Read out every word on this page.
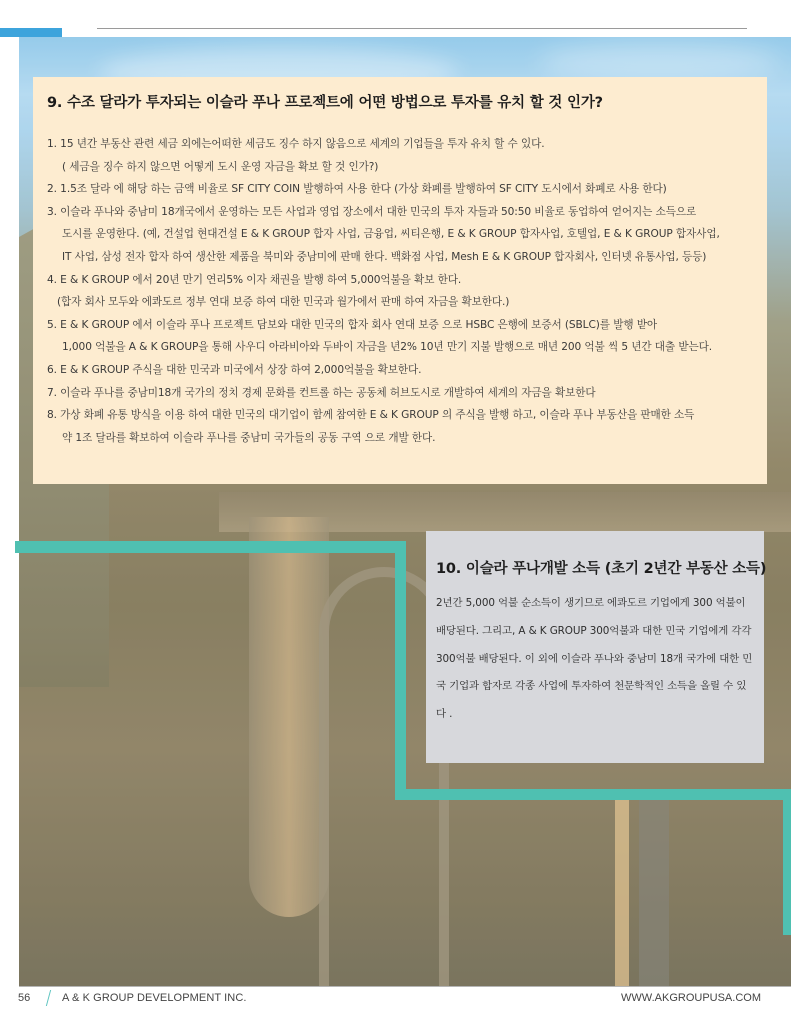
9. 수조 달라가 투자되는 이슬라 푸나 프로젝트에 어떤 방법으로 투자를 유치 할 것 인가?
1. 15 년간 부동산 관련 세금 외에는어떠한 세금도 징수 하지 않음으로 세계의 기업들을 투자 유치 할 수 있다.
( 세금을 징수 하지 않으면 어떻게 도시 운영 자금을 확보 할 것 인가?)
2. 1.5조 달라 에 해당 하는 금액 비율로 SF CITY COIN 발행하여 사용 한다 (가상 화폐를 발행하여 SF CITY 도시에서 화폐로 사용 한다)
3. 이슬라 푸나와 중남미 18개국에서 운영하는 모든 사업과 영업 장소에서 대한 민국의 투자 자들과 50:50 비율로 동업하여 얻어지는 소득으로
도시를 운영한다. (예, 건설업 현대건설 E & K GROUP 합자 사업, 금융업, 씨티은행, E & K GROUP 합자사업, 호텔업, E & K GROUP 합자사업,
IT 사업, 삼성 전자 합자 하여 생산한 제품을 북미와 중남미에 판매 한다. 백화점 사업, Mesh E & K GROUP 합자회사, 인터넷 유통사업, 등등)
4. E & K GROUP 에서 20년 만기 연리5% 이자 채권을 발행 하여 5,000억불을 확보 한다.
(합자 회사 모두와 에콰도르 정부 연대 보증 하여 대한 민국과 월가에서 판매 하여 자금을 확보한다.)
5. E & K GROUP 에서 이슬라 푸나 프로젝트 담보와 대한 민국의 합자 회사 연대 보증 으로 HSBC 은행에 보증서 (SBLC)를 발행 받아
1,000 억불을 A & K GROUP을 통해 사우디 아라비아와 두바이 자금을 년2% 10년 만기 지불 발행으로 매년 200 억불 씩 5 년간 대출 받는다.
6. E & K GROUP 주식을 대한 민국과 미국에서 상장 하여 2,000억불을 확보한다.
7. 이슬라 푸나를 중남미18개 국가의 정치 경제 문화를 컨트롤 하는 공동체 허브도시로 개발하여 세계의 자금을 확보한다
8. 가상 화폐 유통 방식을 이용 하여 대한 민국의 대기업이 함께 참여한 E & K GROUP 의 주식을 발행 하고, 이슬라 푸나 부동산을 판매한 소득
약 1조 달라를 확보하여 이슬라 푸나를 중남미 국가들의 공동 구역 으로 개발 한다.
10. 이슬라 푸나개발 소득 (초기 2년간 부동산 소득)

2년간 5,000 억불 순소득이 생기므로 에콰도르 기업에게 300 억불이 배당된다. 그리고, A & K GROUP 300억불과 대한 민국 기업에게 각각 300억불 배당된다. 이 외에 이슬라 푸나와 중남미 18개 국가에 대한 민국 기업과 합자로 각종 사업에 투자하여 천문학적인 소득을 올릴 수 있다 .

56	A & K GROUP DEVELOPMENT INC.	WWW.AKGROUPUSA.COM
